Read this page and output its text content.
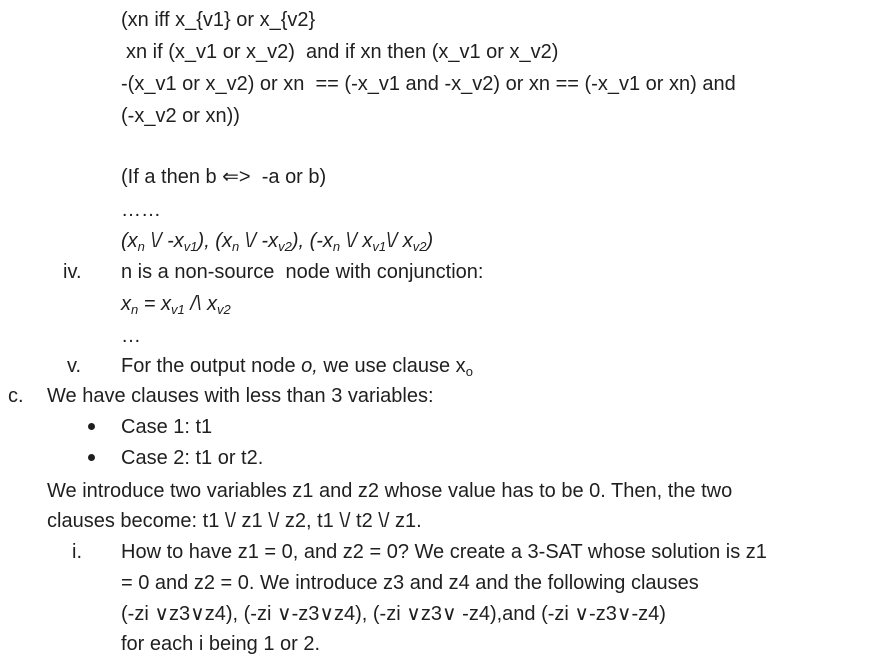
(xn iff x_{v1} or x_{v2}
xn if (x_v1 or x_v2)  and if xn then (x_v1 or x_v2)
-(x_v1 or x_v2) or xn  == (-x_v1 and -x_v2) or xn == (-x_v1 or xn) and
(-x_v2 or xn))
(If a then b ⇐>  -a or b)
……
($x_n$ \/ $-x_{v1}$), ($x_n$ \/ $-x_{v2}$), ($-x_n$ \/ $x_{v1}\backslash/$ $x_{v2}$)
iv. n is a non-source  node with conjunction:
$x_n = x_{v1}$ /\ $x_{v2}$
…
v. For the output node o, we use clause $x_o$
c. We have clauses with less than 3 variables:
Case 1: t1
Case 2: t1 or t2.
We introduce two variables z1 and z2 whose value has to be 0. Then, the two
clauses become: t1 \/ z1 \/ z2, t1 \/ t2 \/ z1.
i. How to have z1 = 0, and z2 = 0? We create a 3-SAT whose solution is z1
= 0 and z2 = 0. We introduce z3 and z4 and the following clauses
(-zi ∨z3∨z4), (-zi ∨-z3∨z4), (-zi ∨z3∨ -z4),and (-zi ∨-z3∨-z4)
for each i being 1 or 2.
